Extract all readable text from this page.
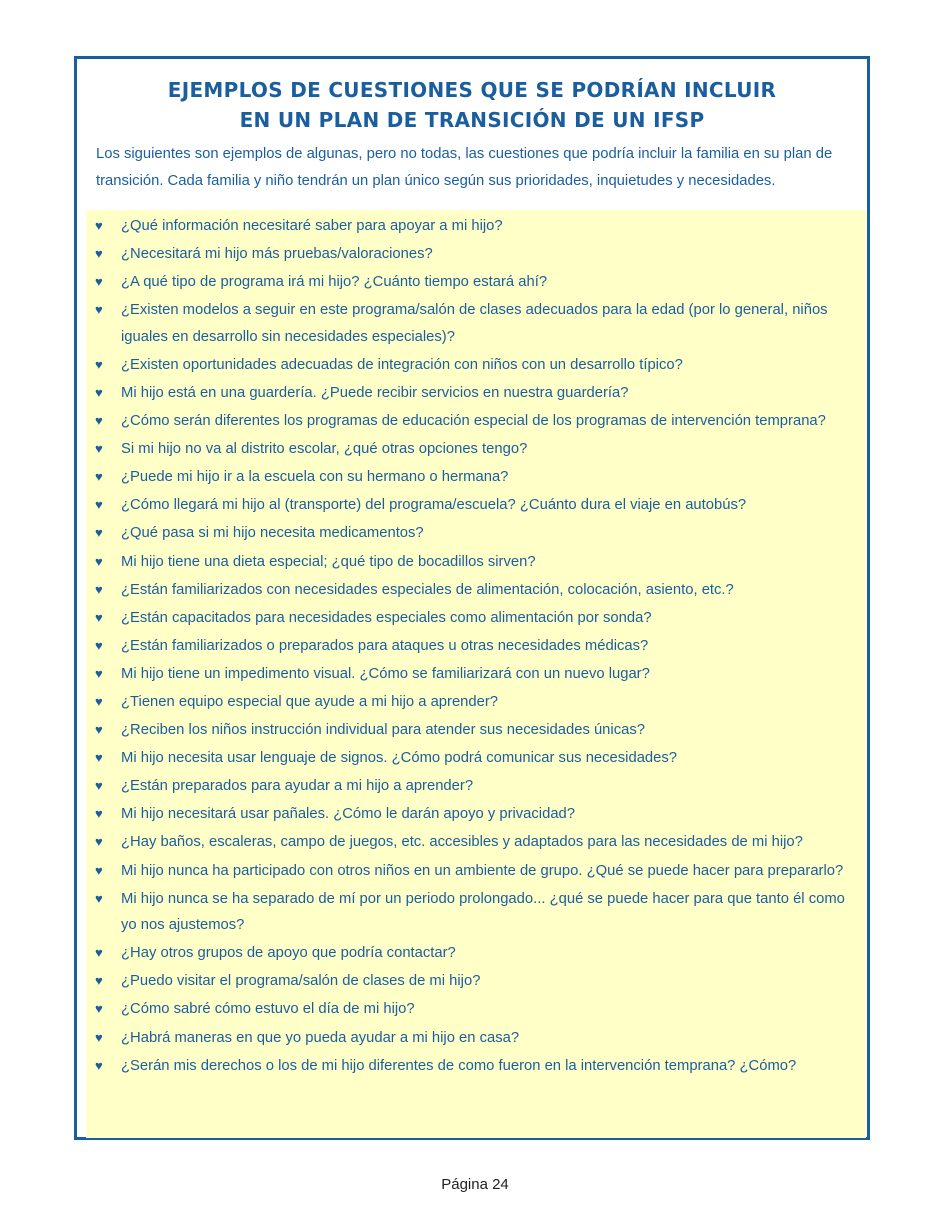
EJEMPLOS DE CUESTIONES QUE SE PODRÍAN INCLUIR
EN UN PLAN DE TRANSICIÓN DE UN IFSP
Los siguientes son ejemplos de algunas, pero no todas, las cuestiones que podría incluir la familia en su plan de transición. Cada familia y niño tendrán un plan único según sus prioridades, inquietudes y necesidades.
♥ ¿Qué información necesitaré saber para apoyar a mi hijo?
♥ ¿Necesitará mi hijo más pruebas/valoraciones?
♥ ¿A qué tipo de programa irá mi hijo? ¿Cuánto tiempo estará ahí?
♥ ¿Existen modelos a seguir en este programa/salón de clases adecuados para la edad (por lo general, niños iguales en desarrollo sin necesidades especiales)?
♥ ¿Existen oportunidades adecuadas de integración con niños con un desarrollo típico?
♥ Mi hijo está en una guardería. ¿Puede recibir servicios en nuestra guardería?
♥ ¿Cómo serán diferentes los programas de educación especial de los programas de intervención temprana?
♥ Si mi hijo no va al distrito escolar, ¿qué otras opciones tengo?
♥ ¿Puede mi hijo ir a la escuela con su hermano o hermana?
♥ ¿Cómo llegará mi hijo al (transporte) del programa/escuela? ¿Cuánto dura el viaje en autobús?
♥ ¿Qué pasa si mi hijo necesita medicamentos?
♥ Mi hijo tiene una dieta especial; ¿qué tipo de bocadillos sirven?
♥ ¿Están familiarizados con necesidades especiales de alimentación, colocación, asiento, etc.?
♥ ¿Están capacitados para necesidades especiales como alimentación por sonda?
♥ ¿Están familiarizados o preparados para ataques u otras necesidades médicas?
♥ Mi hijo tiene un impedimento visual. ¿Cómo se familiarizará con un nuevo lugar?
♥ ¿Tienen equipo especial que ayude a mi hijo a aprender?
♥ ¿Reciben los niños instrucción individual para atender sus necesidades únicas?
♥ Mi hijo necesita usar lenguaje de signos. ¿Cómo podrá comunicar sus necesidades?
♥ ¿Están preparados para ayudar a mi hijo a aprender?
♥ Mi hijo necesitará usar pañales. ¿Cómo le darán apoyo y privacidad?
♥ ¿Hay baños, escaleras, campo de juegos, etc. accesibles y adaptados para las necesidades de mi hijo?
♥ Mi hijo nunca ha participado con otros niños en un ambiente de grupo. ¿Qué se puede hacer para prepararlo?
♥ Mi hijo nunca se ha separado de mí por un periodo prolongado... ¿qué se puede hacer para que tanto él como yo nos ajustemos?
♥ ¿Hay otros grupos de apoyo que podría contactar?
♥ ¿Puedo visitar el programa/salón de clases de mi hijo?
♥ ¿Cómo sabré cómo estuvo el día de mi hijo?
♥ ¿Habrá maneras en que yo pueda ayudar a mi hijo en casa?
♥ ¿Serán mis derechos o los de mi hijo diferentes de como fueron en la intervención temprana? ¿Cómo?
Página 24
